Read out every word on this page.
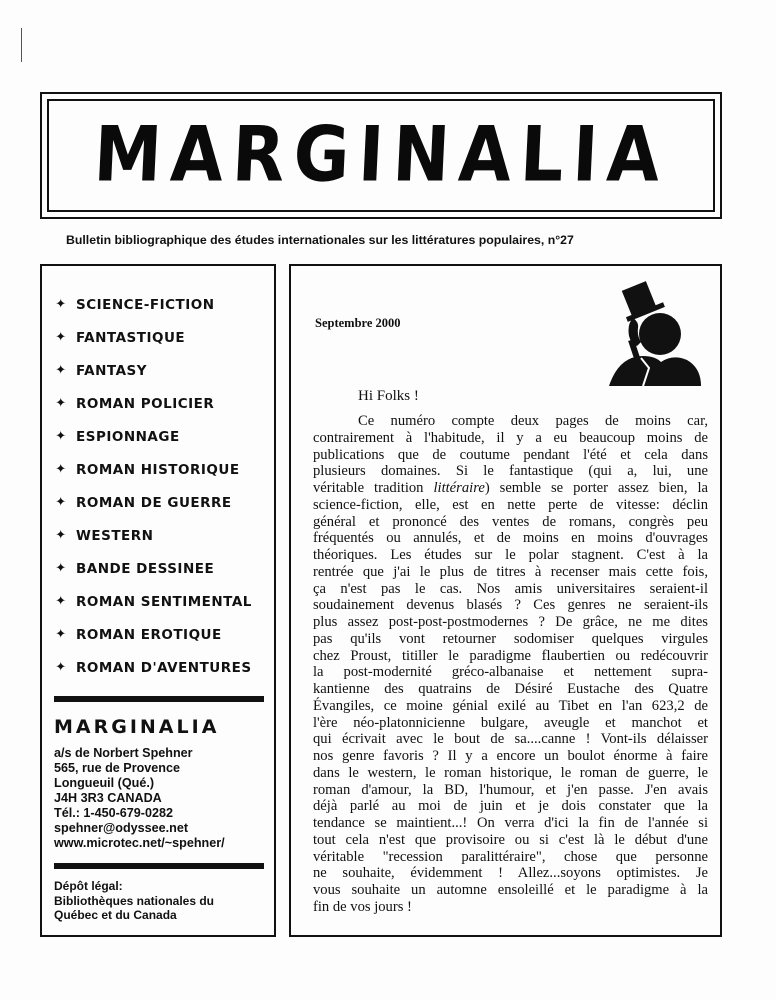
MARGINALIA
Bulletin bibliographique des études internationales sur les littératures populaires, n°27
✦ SCIENCE-FICTION
✦ FANTASTIQUE
✦ FANTASY
✦ ROMAN POLICIER
✦ ESPIONNAGE
✦ ROMAN HISTORIQUE
✦ ROMAN DE GUERRE
✦ WESTERN
✦ BANDE DESSINEE
✦ ROMAN SENTIMENTAL
✦ ROMAN EROTIQUE
✦ ROMAN D'AVENTURES
MARGINALIA
a/s de Norbert Spehner
565, rue de Provence
Longueuil (Qué.)
J4H 3R3 CANADA
Tél.: 1-450-679-0282
spehner@odyssee.net
www.microtec.net/~spehner/
Dépôt légal:
Bibliothèques nationales du
Québec et du Canada
Septembre 2000
Hi Folks !

Ce numéro compte deux pages de moins car,
contrairement à l'habitude, il y a eu beaucoup moins de
publications que de coutume pendant l'été et cela dans
plusieurs domaines. Si le fantastique (qui a, lui, une
véritable tradition littéraire) semble se porter assez bien, la
science-fiction, elle, est en nette perte de vitesse: déclin
général et prononcé des ventes de romans, congrès peu
fréquentés ou annulés, et de moins en moins d'ouvrages
théoriques. Les études sur le polar stagnent. C'est à la
rentrée que j'ai le plus de titres à recenser mais cette fois,
ça n'est pas le cas. Nos amis universitaires seraient-il
soudainement devenus blasés ? Ces genres ne seraient-ils
plus assez post-post-postmodernes ? De grâce, ne me dites
pas qu'ils vont retourner sodomiser quelques virgules
chez Proust, titiller le paradigme flaubertien ou redécouvrir
la post-modernité gréco-albanaise et nettement supra-
kantienne des quatrains de Désiré Eustache des Quatre
Évangiles, ce moine génial exilé au Tibet en l'an 623,2 de
l'ère néo-platonnicienne bulgare, aveugle et manchot et
qui écrivait avec le bout de sa....canne ! Vont-ils délaisser
nos genre favoris ? Il y a encore un boulot énorme à faire
dans le western, le roman historique, le roman de guerre, le
roman d'amour, la BD, l'humour, et j'en passe. J'en avais
déjà parlé au moi de juin et je dois constater que la
tendance se maintient...! On verra d'ici la fin de l'année si
tout cela n'est que provisoire ou si c'est là le début d'une
véritable "recession paralittéraire", chose que personne
ne souhaite, évidemment ! Allez...soyons optimistes. Je
vous souhaite un automne ensoleillé et le paradigme à la
fin de vos jours !
